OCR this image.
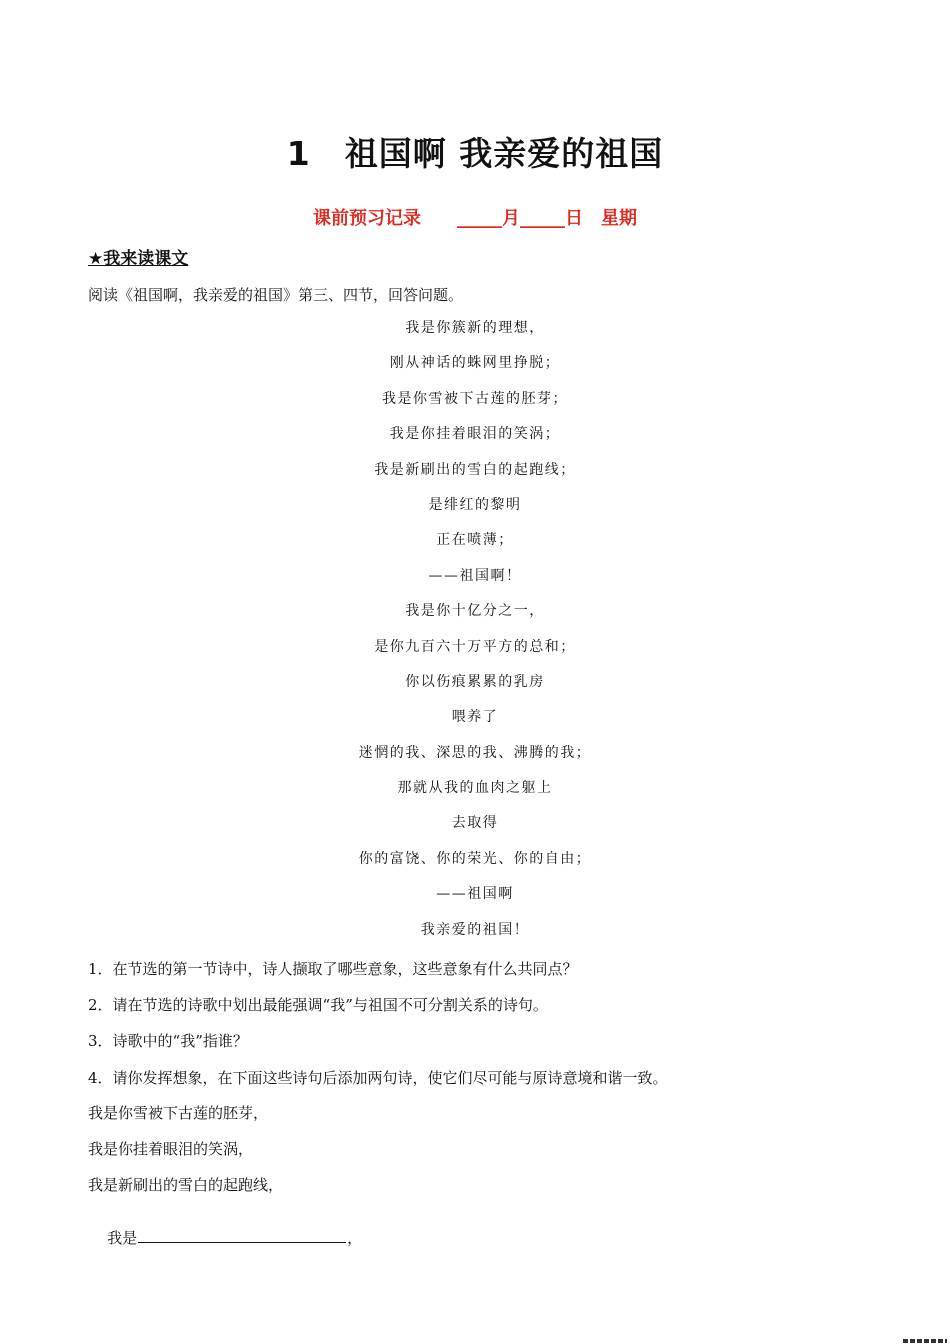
1 祖国啊 我亲爱的祖国
课前预习记录　　_____月_____日　星期
★我来读课文
阅读《祖国啊，我亲爱的祖国》第三、四节，回答问题。
我是你簇新的理想，
刚从神话的蛛网里挣脱；
我是你雪被下古莲的胚芽；
我是你挂着眼泪的笑涡；
我是新刷出的雪白的起跑线；
是绯红的黎明
正在喷薄；
——祖国啊！
我是你十亿分之一，
是你九百六十万平方的总和；
你以伤痕累累的乳房
喂养了
迷惘的我、深思的我、沸腾的我；
那就从我的血肉之躯上
去取得
你的富饶、你的荣光、你的自由；
——祖国啊
我亲爱的祖国！
1．在节选的第一节诗中，诗人撷取了哪些意象，这些意象有什么共同点？
2．请在节选的诗歌中划出最能强调“我”与祖国不可分割关系的诗句。
3．诗歌中的“我”指谁？
4．请你发挥想象，在下面这些诗句后添加两句诗，使它们尽可能与原诗意境和谐一致。
我是你雪被下古莲的胚芽，
我是你挂着眼泪的笑涡，
我是新刷出的雪白的起跑线，

我是	，
